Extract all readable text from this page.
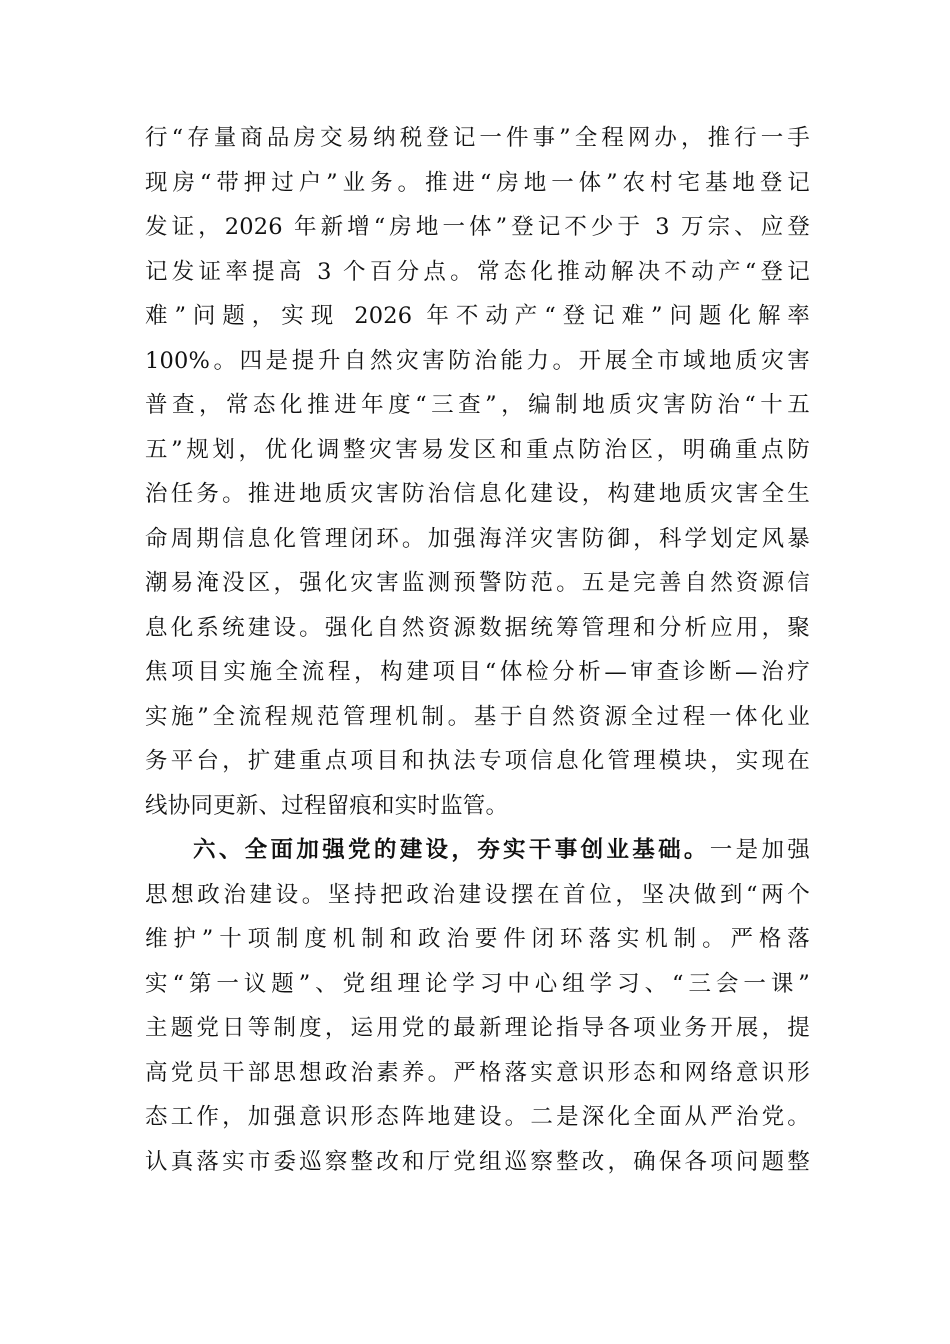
行“存量商品房交易纳税登记一件事”全程网办，推行一手
现房“带押过户”业务。推进“房地一体”农村宅基地登记
发证，2026 年新增“房地一体”登记不少于 3 万宗、应登
记发证率提高 3 个百分点。常态化推动解决不动产“登记
难”问题，实现 2026 年不动产“登记难”问题化解率
100%。四是提升自然灾害防治能力。开展全市域地质灾害
普查，常态化推进年度“三查”，编制地质灾害防治“十五
五”规划，优化调整灾害易发区和重点防治区，明确重点防
治任务。推进地质灾害防治信息化建设，构建地质灾害全生
命周期信息化管理闭环。加强海洋灾害防御，科学划定风暴
潮易淹没区，强化灾害监测预警防范。五是完善自然资源信
息化系统建设。强化自然资源数据统筹管理和分析应用，聚
焦项目实施全流程，构建项目“体检分析—审查诊断—治疗
实施”全流程规范管理机制。基于自然资源全过程一体化业
务平台，扩建重点项目和执法专项信息化管理模块，实现在
线协同更新、过程留痕和实时监管。
六、全面加强党的建设，夯实干事创业基础。一是加强
思想政治建设。坚持把政治建设摆在首位，坚决做到“两个
维护”十项制度机制和政治要件闭环落实机制。严格落
实“第一议题”、党组理论学习中心组学习、“三会一课”
主题党日等制度，运用党的最新理论指导各项业务开展，提
高党员干部思想政治素养。严格落实意识形态和网络意识形
态工作，加强意识形态阵地建设。二是深化全面从严治党。
认真落实市委巡察整改和厅党组巡察整改，确保各项问题整
